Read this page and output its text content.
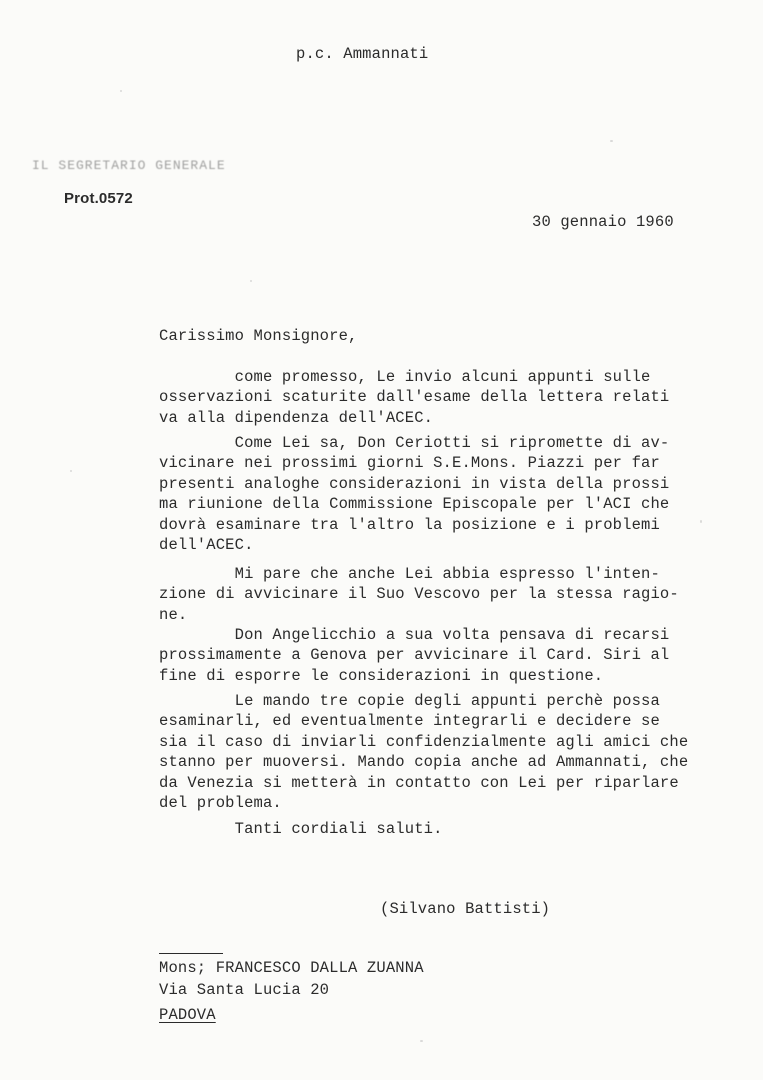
p.c. Ammannati
IL SEGRETARIO GENERALE
Prot.0572
30 gennaio 1960
Carissimo Monsignore,
come promesso, Le invio alcuni appunti sulle
osservazioni scaturite dall'esame della lettera relati
va alla dipendenza dell'ACEC.
Come Lei sa, Don Ceriotti si ripromette di av-
vicinare nei prossimi giorni S.E.Mons. Piazzi per far
presenti analoghe considerazioni in vista della prossi
ma riunione della Commissione Episcopale per l'ACI che
dovrà esaminare tra l'altro la posizione e i problemi
dell'ACEC.
Mi pare che anche Lei abbia espresso l'inten-
zione di avvicinare il Suo Vescovo per la stessa ragio-
ne.
Don Angelicchio a sua volta pensava di recarsi
prossimamente a Genova per avvicinare il Card. Siri al
fine di esporre le considerazioni in questione.
Le mando tre copie degli appunti perchè possa
esaminarli, ed eventualmente integrarli e decidere se
sia il caso di inviarli confidenzialmente agli amici che
stanno per muoversi. Mando copia anche ad Ammannati, che
da Venezia si metterà in contatto con Lei per riparlare
del problema.
Tanti cordiali saluti.
(Silvano Battisti)
Mons; FRANCESCO DALLA ZUANNA
Via Santa Lucia 20
PADOVA
